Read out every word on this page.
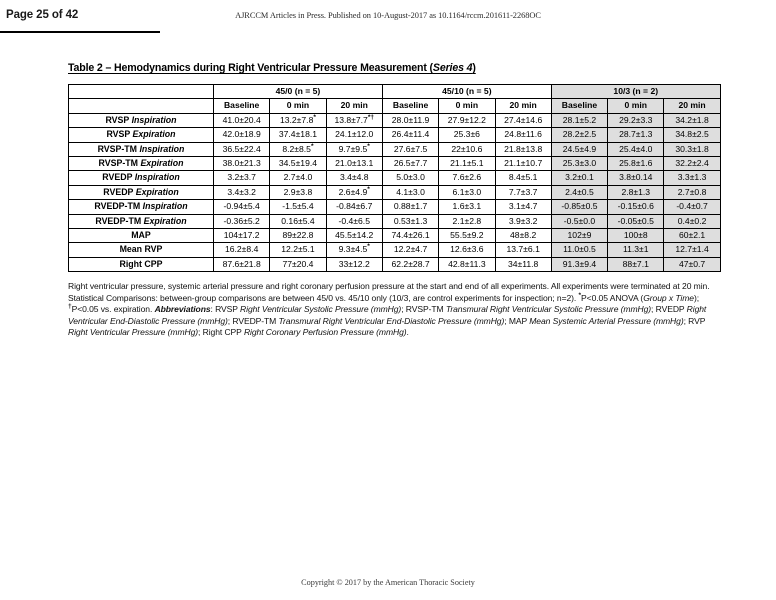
Page 25 of 42	AJRCCM Articles in Press. Published on 10-August-2017 as 10.1164/rccm.201611-2268OC
Table 2 – Hemodynamics during Right Ventricular Pressure Measurement (Series 4)
	45/0 (n = 5)			45/10 (n = 5)			10/3 (n = 2)		
	Baseline	0 min	20 min	Baseline	0 min	20 min	Baseline	0 min	20 min
RVSP Inspiration	41.0±20.4	13.2±7.8*	13.8±7.7*†	28.0±11.9	27.9±12.2	27.4±14.6	28.1±5.2	29.2±3.3	34.2±1.8
RVSP Expiration	42.0±18.9	37.4±18.1	24.1±12.0	26.4±11.4	25.3±6	24.8±11.6	28.2±2.5	28.7±1.3	34.8±2.5
RVSP-TM Inspiration	36.5±22.4	8.2±8.5*	9.7±9.5*	27.6±7.5	22±10.6	21.8±13.8	24.5±4.9	25.4±4.0	30.3±1.8
RVSP-TM Expiration	38.0±21.3	34.5±19.4	21.0±13.1	26.5±7.7	21.1±5.1	21.1±10.7	25.3±3.0	25.8±1.6	32.2±2.4
RVEDP Inspiration	3.2±3.7	2.7±4.0	3.4±4.8	5.0±3.0	7.6±2.6	8.4±5.1	3.2±0.1	3.8±0.14	3.3±1.3
RVEDP Expiration	3.4±3.2	2.9±3.8	2.6±4.9*	4.1±3.0	6.1±3.0	7.7±3.7	2.4±0.5	2.8±1.3	2.7±0.8
RVEDP-TM Inspiration	-0.94±5.4	-1.5±5.4	-0.84±6.7	0.88±1.7	1.6±3.1	3.1±4.7	-0.85±0.5	-0.15±0.6	-0.4±0.7
RVEDP-TM Expiration	-0.36±5.2	0.16±5.4	-0.4±6.5	0.53±1.3	2.1±2.8	3.9±3.2	-0.5±0.0	-0.05±0.5	0.4±0.2
MAP	104±17.2	89±22.8	45.5±14.2	74.4±26.1	55.5±9.2	48±8.2	102±9	100±8	60±2.1
Mean RVP	16.2±8.4	12.2±5.1	9.3±4.5*	12.2±4.7	12.6±3.6	13.7±6.1	11.0±0.5	11.3±1	12.7±1.4
Right CPP	87.6±21.8	77±20.4	33±12.2	62.2±28.7	42.8±11.3	34±11.8	91.3±9.4	88±7.1	47±0.7
Right ventricular pressure, systemic arterial pressure and right coronary perfusion pressure at the start and end of all experiments. All experiments were terminated at 20 min. Statistical Comparisons: between-group comparisons are between 45/0 vs. 45/10 only (10/3, are control experiments for inspection; n=2). *P<0.05 ANOVA (Group x Time); †P<0.05 vs. expiration. Abbreviations: RVSP Right Ventricular Systolic Pressure (mmHg); RVSP-TM Transmural Right Ventricular Systolic Pressure (mmHg); RVEDP Right Ventricular End-Diastolic Pressure (mmHg); RVEDP-TM Transmural Right Ventricular End-Diastolic Pressure (mmHg); MAP Mean Systemic Arterial Pressure (mmHg); RVP Right Ventricular Pressure (mmHg); Right CPP Right Coronary Perfusion Pressure (mmHg).
Copyright © 2017 by the American Thoracic Society
